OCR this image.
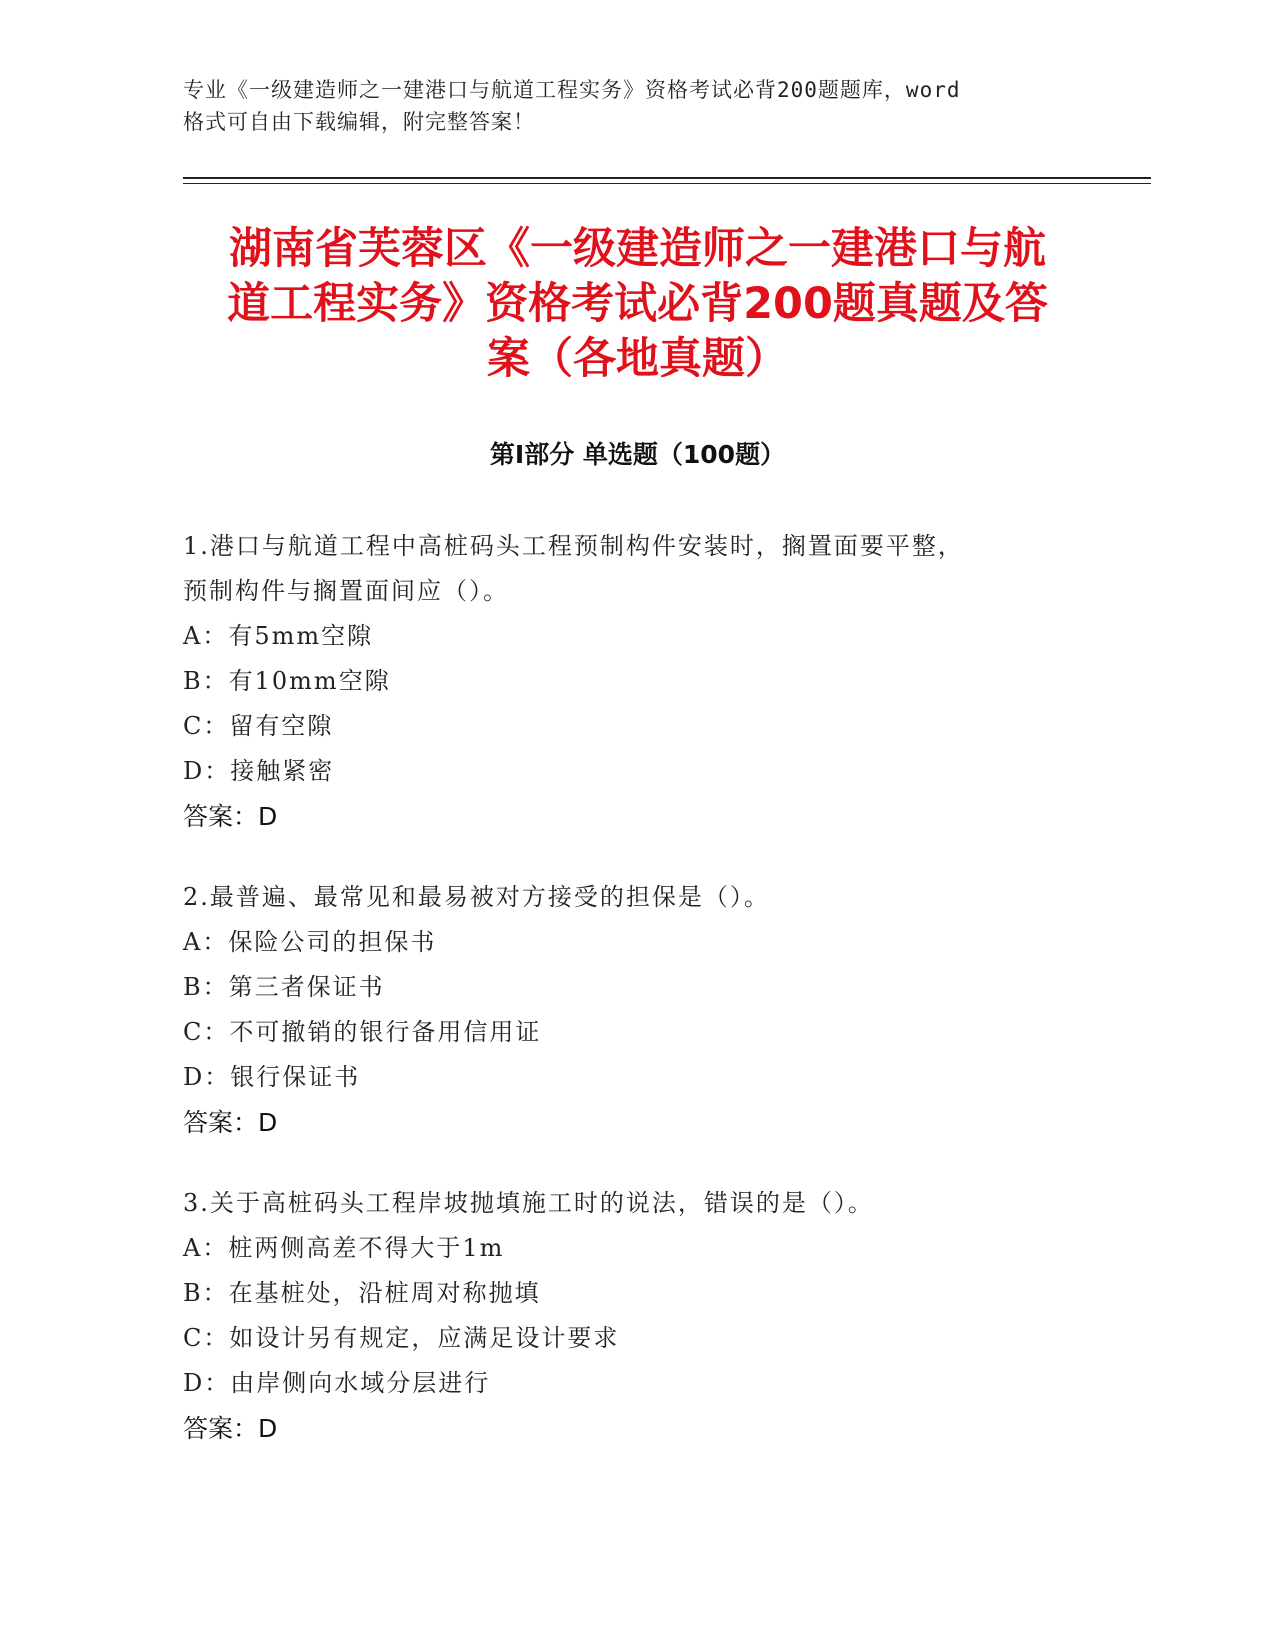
专业《一级建造师之一建港口与航道工程实务》资格考试必背200题题库，word
格式可自由下载编辑，附完整答案！
湖南省芙蓉区《一级建造师之一建港口与航
道工程实务》资格考试必背200题真题及答
案（各地真题）
第Ⅰ部分 单选题（100题）

1.港口与航道工程中高桩码头工程预制构件安装时，搁置面要平整，
预制构件与搁置面间应（）。

A：有5mm空隙

B：有10mm空隙

C：留有空隙

D：接触紧密

答案：D

2.最普遍、最常见和最易被对方接受的担保是（）。

A：保险公司的担保书

B：第三者保证书

C：不可撤销的银行备用信用证

D：银行保证书

答案：D

3.关于高桩码头工程岸坡抛填施工时的说法，错误的是（）。

A：桩两侧高差不得大于1m

B：在基桩处，沿桩周对称抛填

C：如设计另有规定，应满足设计要求

D：由岸侧向水域分层进行

答案：D
